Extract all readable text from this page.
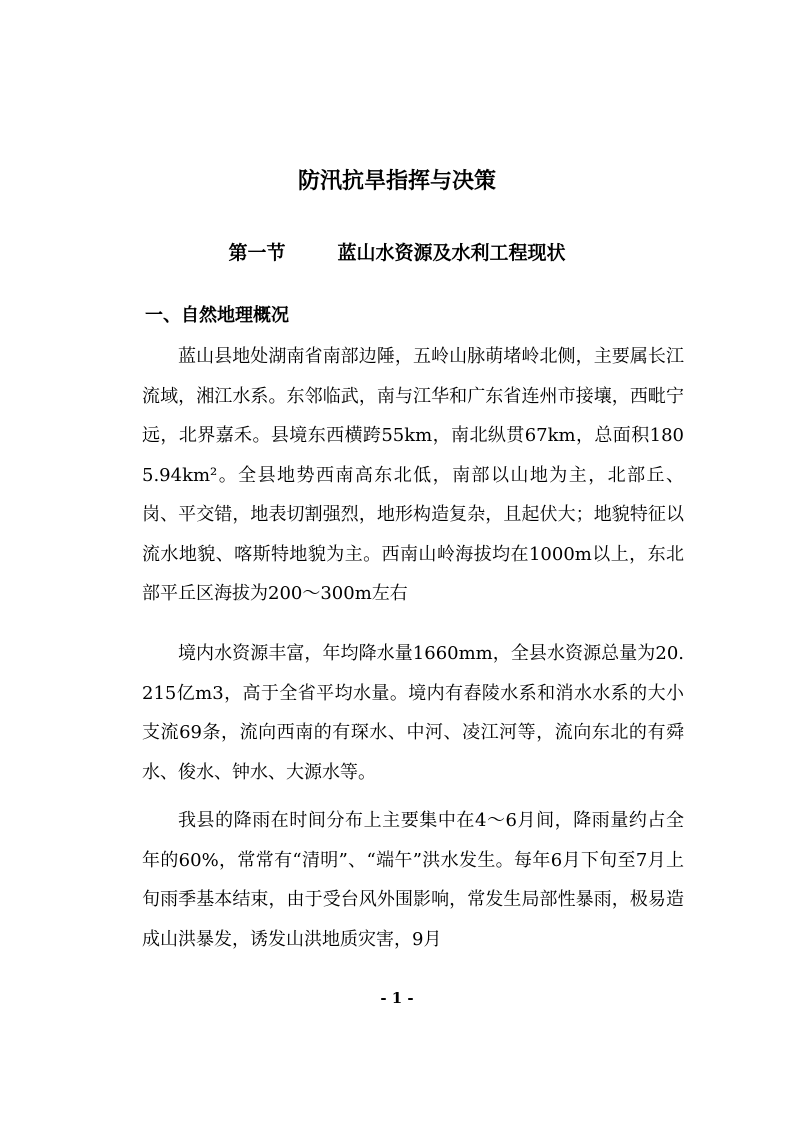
防汛抗旱指挥与决策
第一节	蓝山水资源及水利工程现状
一、自然地理概况

蓝山县地处湖南省南部边陲，五岭山脉萌堵岭北侧，主要属长江流域，湘江水系。东邻临武，南与江华和广东省连州市接壤，西毗宁远，北界嘉禾。县境东西横跨55km，南北纵贯67km，总面积1805.94km²。全县地势西南高东北低，南部以山地为主，北部丘、岗、平交错，地表切割强烈，地形构造复杂，且起伏大；地貌特征以流水地貌、喀斯特地貌为主。西南山岭海拔均在1000m以上，东北部平丘区海拔为200～300m左右

境内水资源丰富，年均降水量1660mm，全县水资源总量为20.215亿m3，高于全省平均水量。境内有舂陵水系和消水水系的大小支流69条，流向西南的有琛水、中河、凌江河等，流向东北的有舜水、俊水、钟水、大源水等。

我县的降雨在时间分布上主要集中在4～6月间，降雨量约占全年的60%，常常有“清明”、“端午”洪水发生。每年6月下旬至7月上旬雨季基本结束，由于受台风外围影响，常发生局部性暴雨，极易造成山洪暴发，诱发山洪地质灾害，9月

- 1 -
